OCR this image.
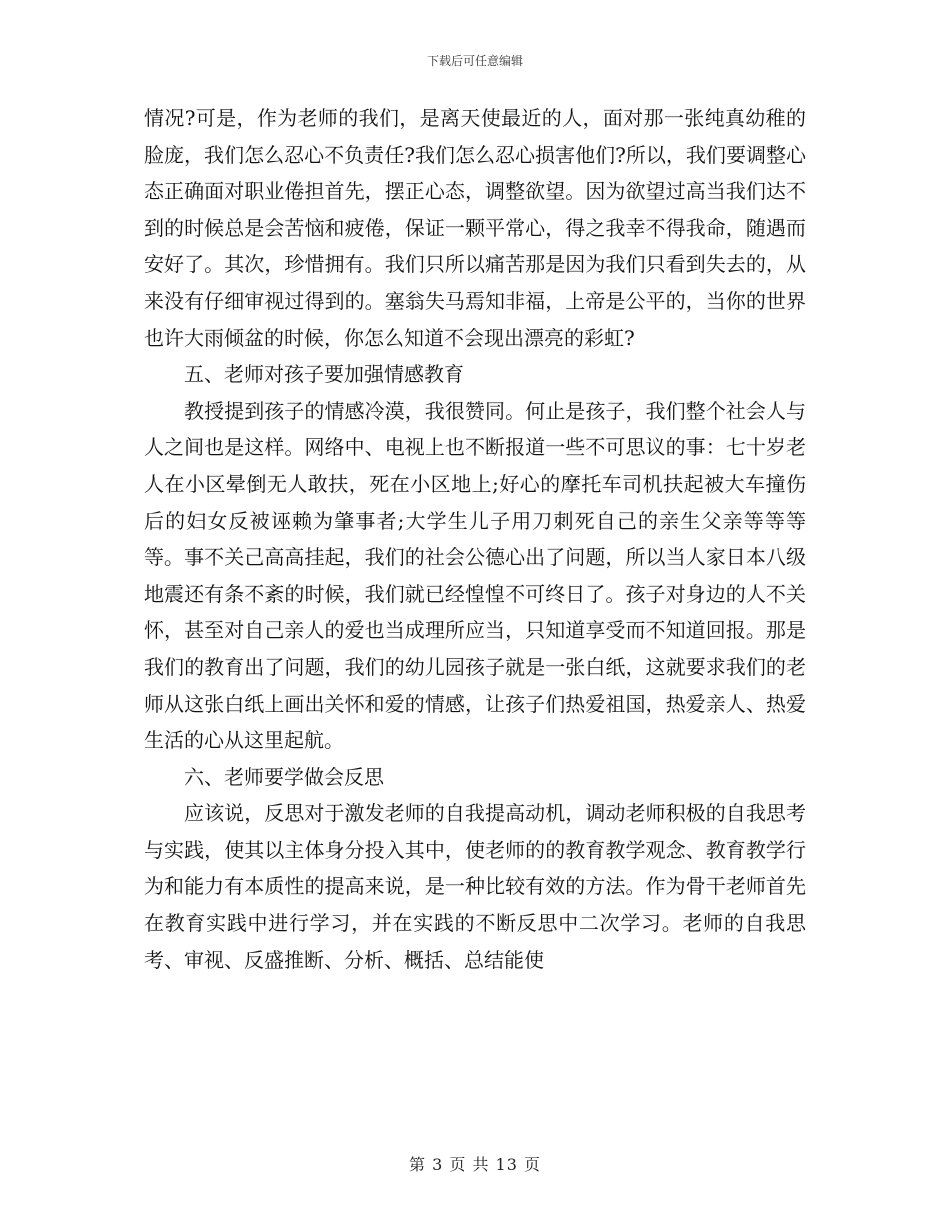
下载后可任意编辑

情况?可是，作为老师的我们，是离天使最近的人，面对那一张纯真幼稚的脸庞，我们怎么忍心不负责任?我们怎么忍心损害他们?所以，我们要调整心态正确面对职业倦担首先，摆正心态，调整欲望。因为欲望过高当我们达不到的时候总是会苦恼和疲倦，保证一颗平常心，得之我幸不得我命，随遇而安好了。其次，珍惜拥有。我们只所以痛苦那是因为我们只看到失去的，从来没有仔细审视过得到的。塞翁失马焉知非福，上帝是公平的，当你的世界也许大雨倾盆的时候，你怎么知道不会现出漂亮的彩虹?

五、老师对孩子要加强情感教育

教授提到孩子的情感冷漠，我很赞同。何止是孩子，我们整个社会人与人之间也是这样。网络中、电视上也不断报道一些不可思议的事：七十岁老人在小区晕倒无人敢扶，死在小区地上;好心的摩托车司机扶起被大车撞伤后的妇女反被诬赖为肇事者;大学生儿子用刀刺死自己的亲生父亲等等等等。事不关己高高挂起，我们的社会公德心出了问题，所以当人家日本八级地震还有条不紊的时候，我们就已经惶惶不可终日了。孩子对身边的人不关怀，甚至对自己亲人的爱也当成理所应当，只知道享受而不知道回报。那是我们的教育出了问题，我们的幼儿园孩子就是一张白纸，这就要求我们的老师从这张白纸上画出关怀和爱的情感，让孩子们热爱祖国，热爱亲人、热爱生活的心从这里起航。

六、老师要学做会反思

应该说，反思对于激发老师的自我提高动机，调动老师积极的自我思考与实践，使其以主体身分投入其中，使老师的的教育教学观念、教育教学行为和能力有本质性的提高来说，是一种比较有效的方法。作为骨干老师首先在教育实践中进行学习，并在实践的不断反思中二次学习。老师的自我思考、审视、反盛推断、分析、概括、总结能使

第 3 页 共 13 页
